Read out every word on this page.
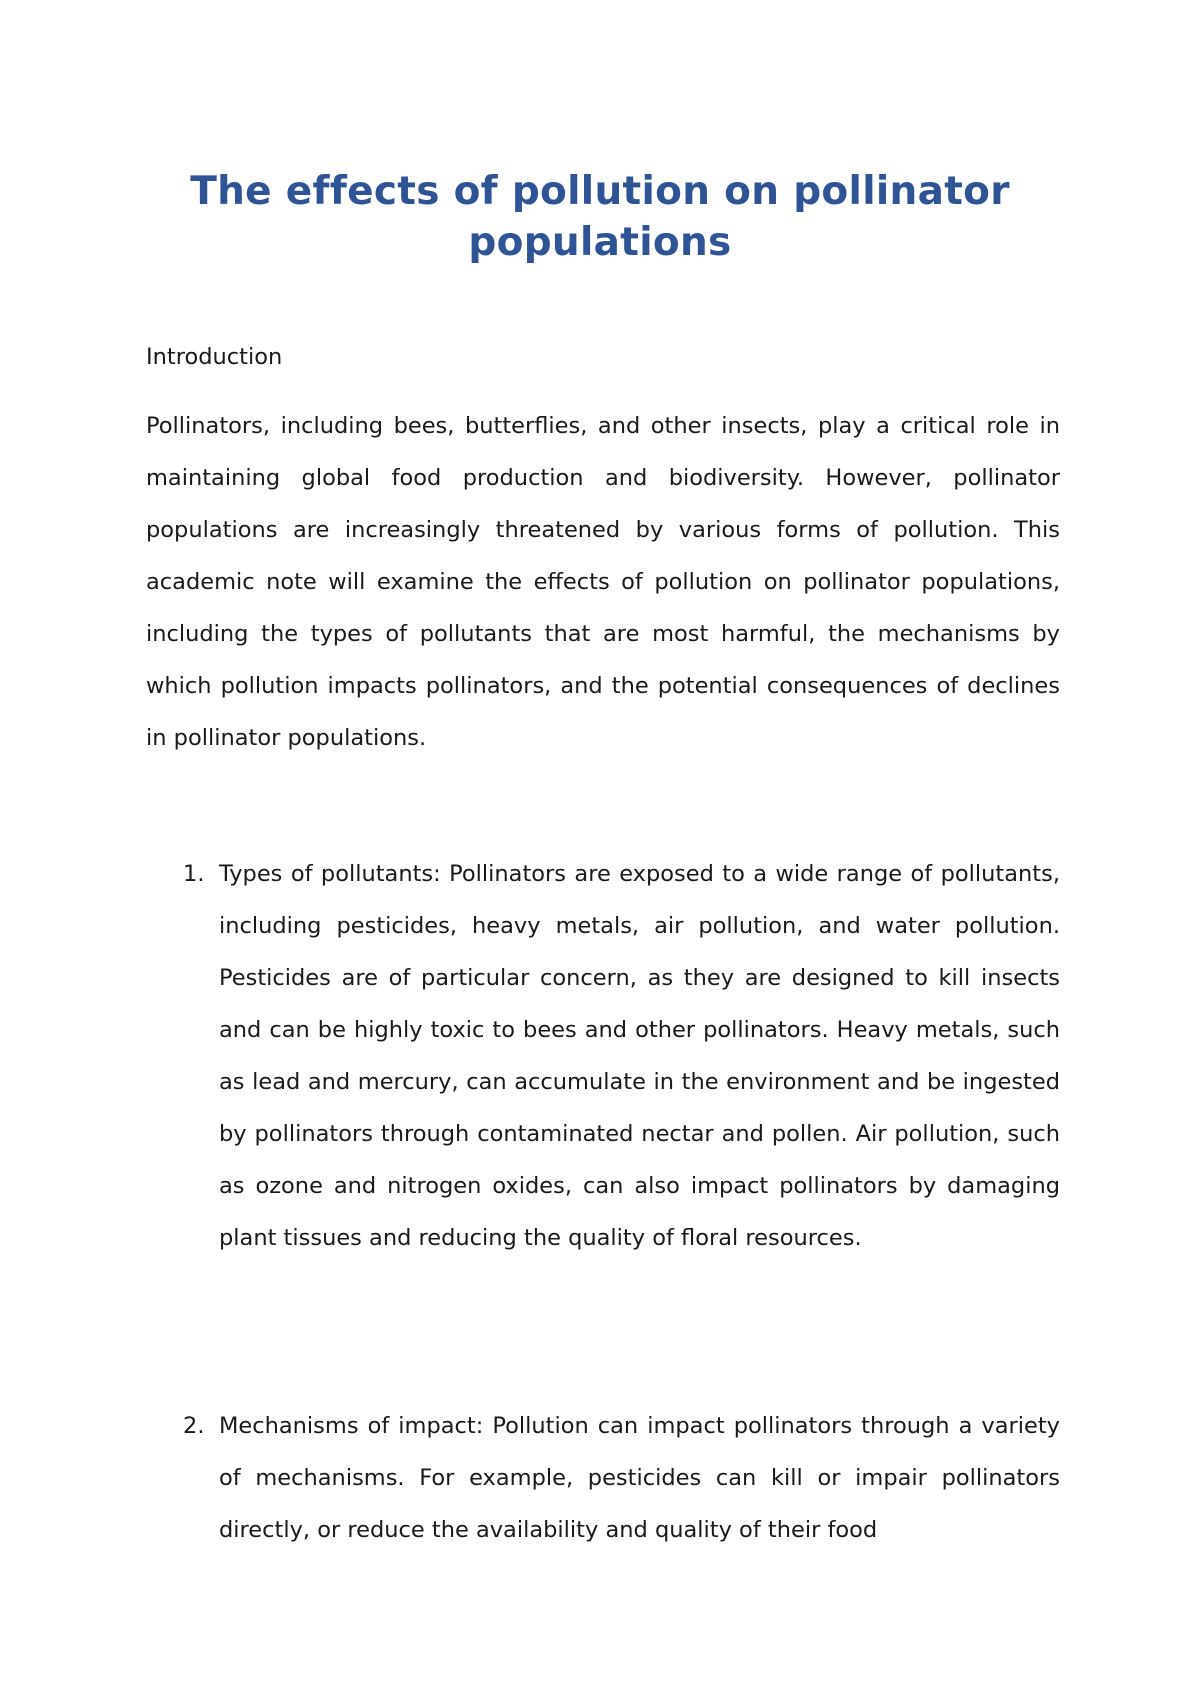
The effects of pollution on pollinator populations

Introduction

Pollinators, including bees, butterflies, and other insects, play a critical role in maintaining global food production and biodiversity. However, pollinator populations are increasingly threatened by various forms of pollution. This academic note will examine the effects of pollution on pollinator populations, including the types of pollutants that are most harmful, the mechanisms by which pollution impacts pollinators, and the potential consequences of declines in pollinator populations.

1. Types of pollutants: Pollinators are exposed to a wide range of pollutants, including pesticides, heavy metals, air pollution, and water pollution. Pesticides are of particular concern, as they are designed to kill insects and can be highly toxic to bees and other pollinators. Heavy metals, such as lead and mercury, can accumulate in the environment and be ingested by pollinators through contaminated nectar and pollen. Air pollution, such as ozone and nitrogen oxides, can also impact pollinators by damaging plant tissues and reducing the quality of floral resources.

2. Mechanisms of impact: Pollution can impact pollinators through a variety of mechanisms. For example, pesticides can kill or impair pollinators directly, or reduce the availability and quality of their food
